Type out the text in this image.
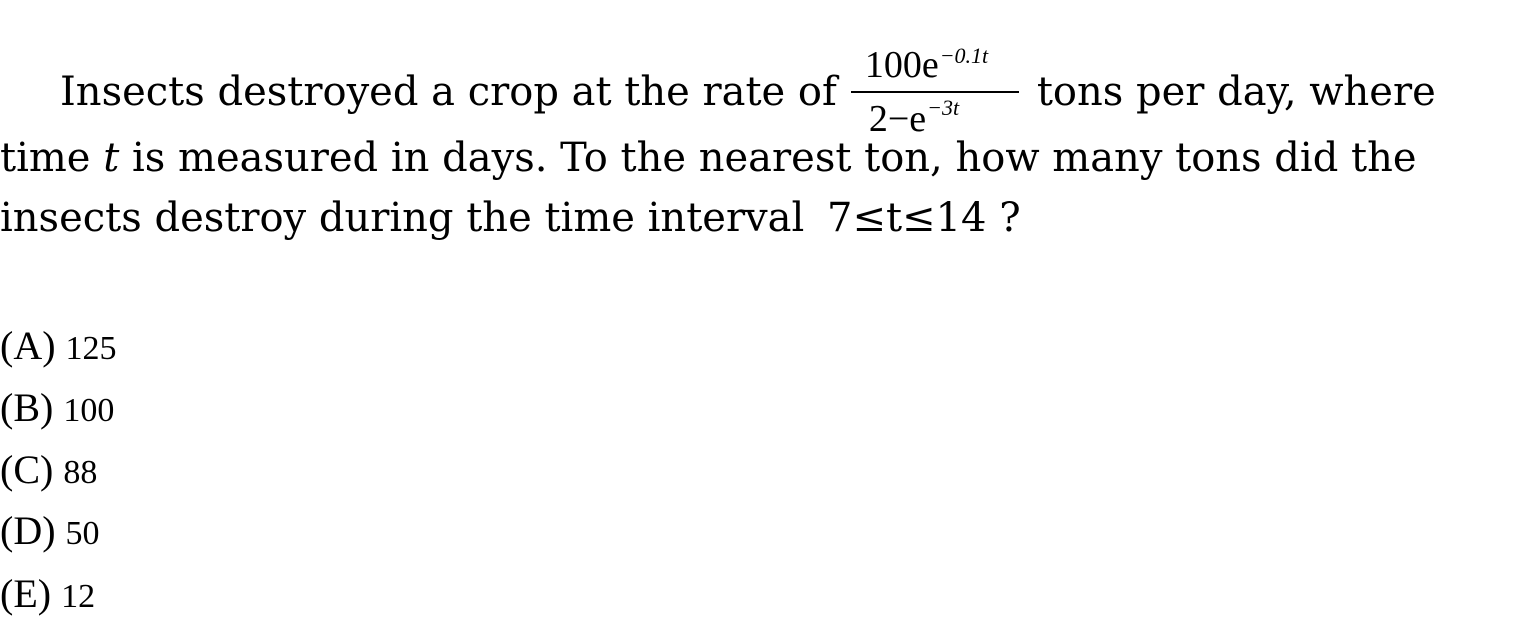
Insects destroyed a crop at the rate of $\frac{100e^{-0.1t}}{2-e^{-3t}}$ tons per day, where
time t is measured in days. To the nearest ton, how many tons did the
insects destroy during the time interval 7≤t≤14 ?
(A) 125
(B) 100
(C) 88
(D) 50
(E) 12
